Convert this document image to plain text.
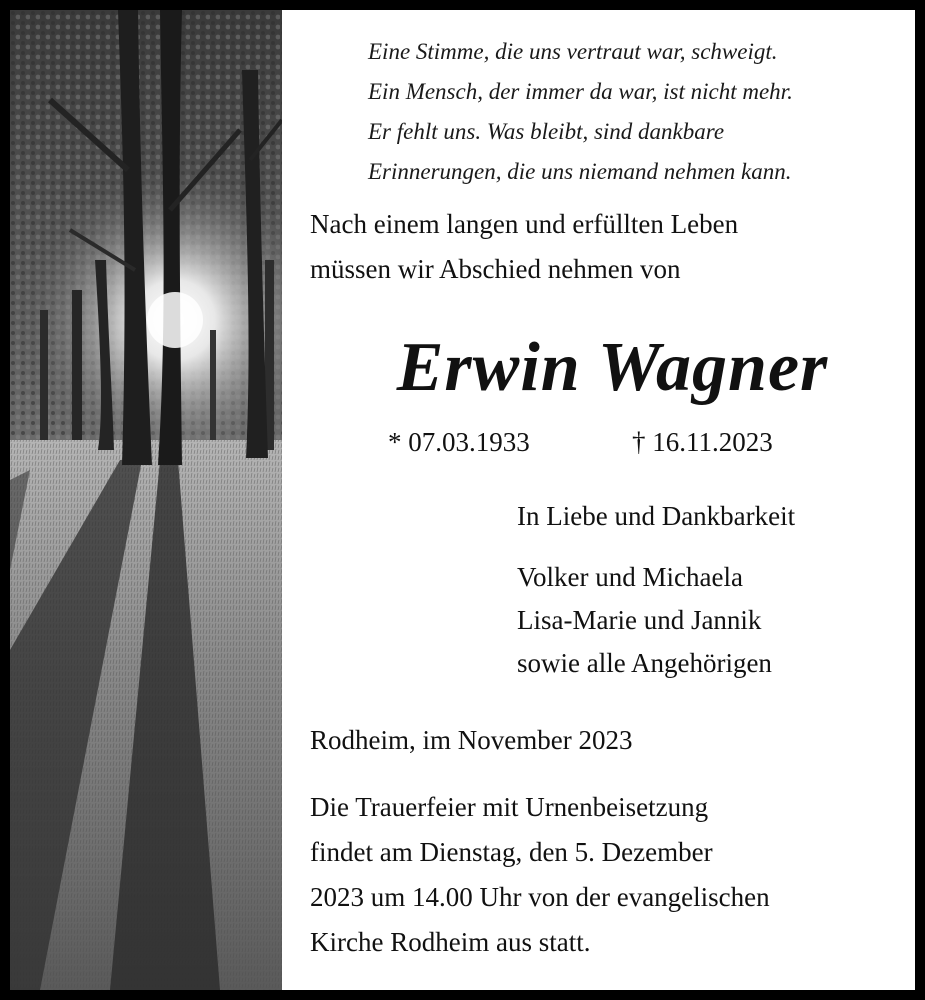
Eine Stimme, die uns vertraut war, schweigt.
Ein Mensch, der immer da war, ist nicht mehr.
Er fehlt uns. Was bleibt, sind dankbare
Erinnerungen, die uns niemand nehmen kann.
Nach einem langen und erfüllten Leben
müssen wir Abschied nehmen von
Erwin Wagner
* 07.03.1933	† 16.11.2023
In Liebe und Dankbarkeit
Volker und Michaela
Lisa-Marie und Jannik
sowie alle Angehörigen
Rodheim, im November 2023
Die Trauerfeier mit Urnenbeisetzung
findet am Dienstag, den 5. Dezember
2023 um 14.00 Uhr von der evangelischen
Kirche Rodheim aus statt.
